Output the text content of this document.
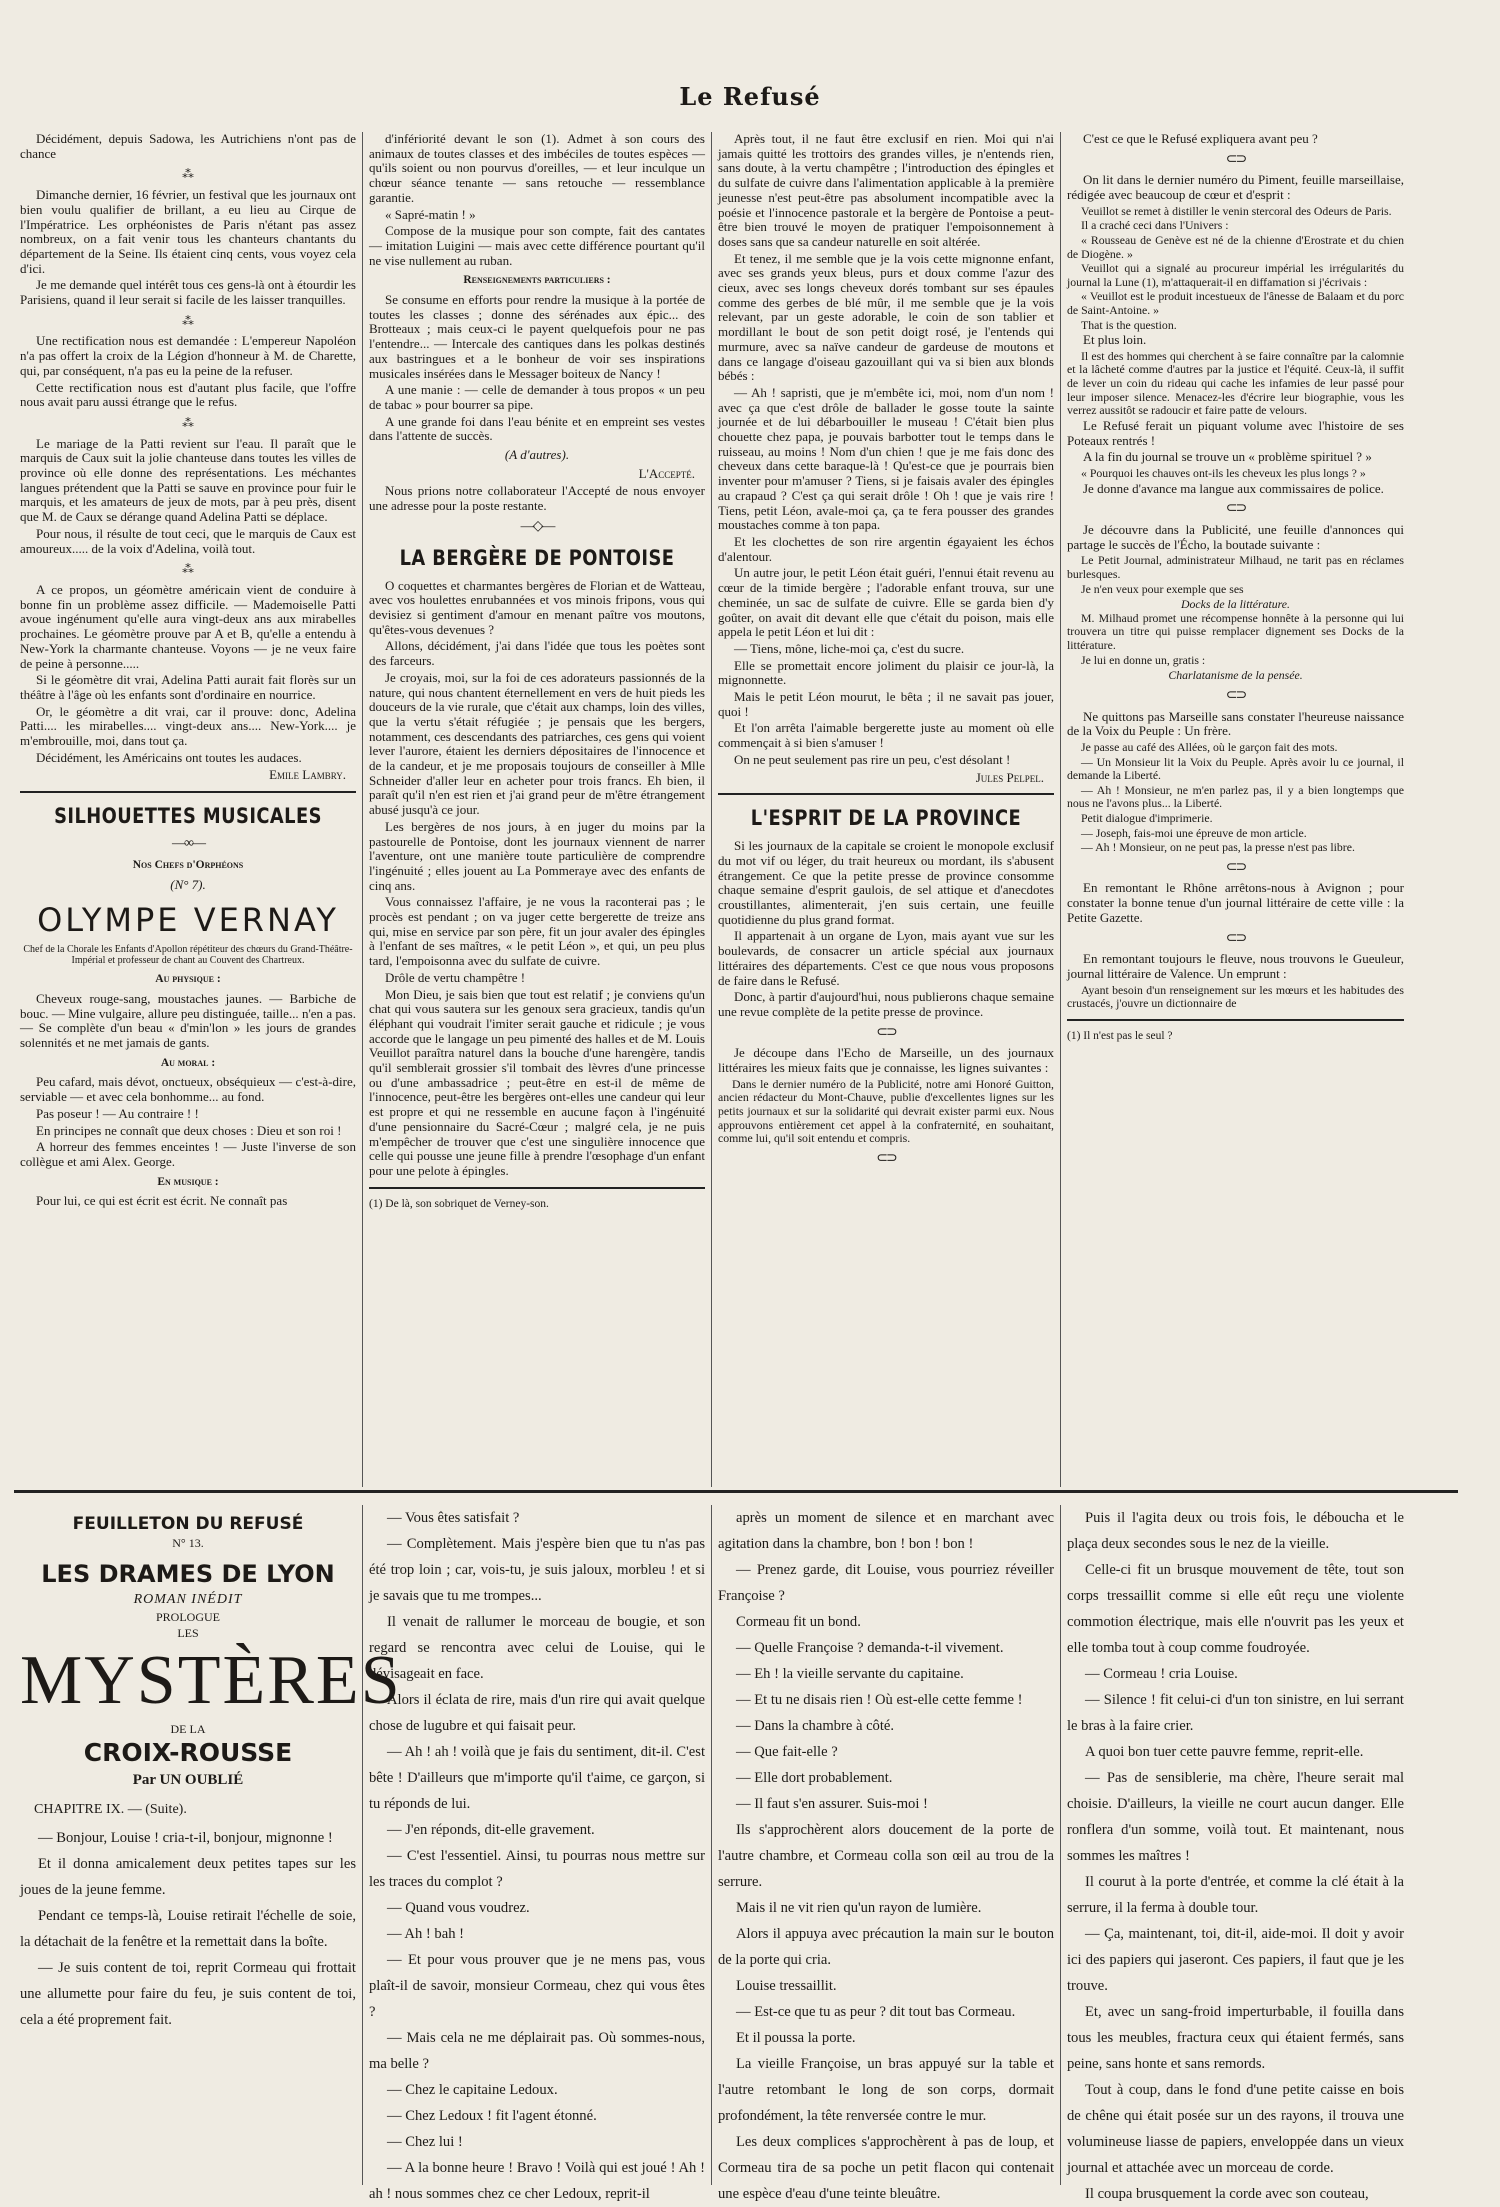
Le Refusé
Décidément, depuis Sadowa, les Autrichiens n'ont pas de chance
⁂
Dimanche dernier, 16 février, un festival que les journaux ont bien voulu qualifier de brillant, a eu lieu au Cirque de l'Impératrice. Les orphéonistes de Paris n'étant pas assez nombreux, on a fait venir tous les chanteurs chantants du département de la Seine. Ils étaient cinq cents, vous voyez cela d'ici.
Je me demande quel intérêt tous ces gens-là ont à étourdir les Parisiens, quand il leur serait si facile de les laisser tranquilles.
⁂
Une rectification nous est demandée : L'empereur Napoléon n'a pas offert la croix de la Légion d'honneur à M. de Charette, qui, par conséquent, n'a pas eu la peine de la refuser.
Cette rectification nous est d'autant plus facile, que l'offre nous avait paru aussi étrange que le refus.
⁂
Le mariage de la Patti revient sur l'eau. Il paraît que le marquis de Caux suit la jolie chanteuse dans toutes les villes de province où elle donne des représentations. Les méchantes langues prétendent que la Patti se sauve en province pour fuir le marquis, et les amateurs de jeux de mots, par à peu près, disent que M. de Caux se dérange quand Adelina Patti se déplace.
Pour nous, il résulte de tout ceci, que le marquis de Caux est amoureux..... de la voix d'Adelina, voilà tout.
⁂
A ce propos, un géomètre américain vient de conduire à bonne fin un problème assez difficile. — Mademoiselle Patti avoue ingénument qu'elle aura vingt-deux ans aux mirabelles prochaines. Le géomètre prouve par A et B, qu'elle a entendu à New-York la charmante chanteuse. Voyons — je ne veux faire de peine à personne.....
Si le géomètre dit vrai, Adelina Patti aurait fait florès sur un théâtre à l'âge où les enfants sont d'ordinaire en nourrice.
Or, le géomètre a dit vrai, car il prouve: donc, Adelina Patti.... les mirabelles.... vingt-deux ans.... New-York.... je m'embrouille, moi, dans tout ça.
Décidément, les Américains ont toutes les audaces.
Emile Lambry.
SILHOUETTES MUSICALES
—∞—
Nos Chefs d'Orphéons
(N° 7).
OLYMPE VERNAY
Chef de la Chorale les Enfants d'Apollon répétiteur des chœurs du Grand-Théâtre-Impérial et professeur de chant au Couvent des Chartreux.
Au physique :
Cheveux rouge-sang, moustaches jaunes. — Barbiche de bouc. — Mine vulgaire, allure peu distinguée, taille... n'en a pas. — Se complète d'un beau « d'min'lon » les jours de grandes solennités et ne met jamais de gants.
Au moral :
Peu cafard, mais dévot, onctueux, obséquieux — c'est-à-dire, serviable — et avec cela bonhomme... au fond.
Pas poseur ! — Au contraire ! !
En principes ne connaît que deux choses : Dieu et son roi !
A horreur des femmes enceintes ! — Juste l'inverse de son collègue et ami Alex. George.
En musique :
Pour lui, ce qui est écrit est écrit. Ne connaît pas
d'infériorité devant le son (1). Admet à son cours des animaux de toutes classes et des imbéciles de toutes espèces — qu'ils soient ou non pourvus d'oreilles, — et leur inculque un chœur séance tenante — sans retouche — ressemblance garantie.
« Sapré-matin ! »
Compose de la musique pour son compte, fait des cantates — imitation Luigini — mais avec cette différence pourtant qu'il ne vise nullement au ruban.
Renseignements particuliers :
Se consume en efforts pour rendre la musique à la portée de toutes les classes ; donne des sérénades aux épic... des Brotteaux ; mais ceux-ci le payent quelquefois pour ne pas l'entendre... — Intercale des cantiques dans les polkas destinés aux bastringues et a le bonheur de voir ses inspirations musicales insérées dans le Messager boiteux de Nancy !
A une manie : — celle de demander à tous propos « un peu de tabac » pour bourrer sa pipe.
A une grande foi dans l'eau bénite et en empreint ses vestes dans l'attente de succès.
(A d'autres).
L'Accepté.
Nous prions notre collaborateur l'Accepté de nous envoyer une adresse pour la poste restante.
—◇—
LA BERGÈRE DE PONTOISE
O coquettes et charmantes bergères de Florian et de Watteau, avec vos houlettes enrubannées et vos minois fripons, vous qui devisiez si gentiment d'amour en menant paître vos moutons, qu'êtes-vous devenues ?
Allons, décidément, j'ai dans l'idée que tous les poètes sont des farceurs.
Je croyais, moi, sur la foi de ces adorateurs passionnés de la nature, qui nous chantent éternellement en vers de huit pieds les douceurs de la vie rurale, que c'était aux champs, loin des villes, que la vertu s'était réfugiée ; je pensais que les bergers, notamment, ces descendants des patriarches, ces gens qui voient lever l'aurore, étaient les derniers dépositaires de l'innocence et de la candeur, et je me proposais toujours de conseiller à Mlle Schneider d'aller leur en acheter pour trois francs. Eh bien, il paraît qu'il n'en est rien et j'ai grand peur de m'être étrangement abusé jusqu'à ce jour.
Les bergères de nos jours, à en juger du moins par la pastourelle de Pontoise, dont les journaux viennent de narrer l'aventure, ont une manière toute particulière de comprendre l'ingénuité ; elles jouent au La Pommeraye avec des enfants de cinq ans.
Vous connaissez l'affaire, je ne vous la raconterai pas ; le procès est pendant ; on va juger cette bergerette de treize ans qui, mise en service par son père, fit un jour avaler des épingles à l'enfant de ses maîtres, « le petit Léon », et qui, un peu plus tard, l'empoisonna avec du sulfate de cuivre.
Drôle de vertu champêtre !
Mon Dieu, je sais bien que tout est relatif ; je conviens qu'un chat qui vous sautera sur les genoux sera gracieux, tandis qu'un éléphant qui voudrait l'imiter serait gauche et ridicule ; je vous accorde que le langage un peu pimenté des halles et de M. Louis Veuillot paraîtra naturel dans la bouche d'une harengère, tandis qu'il semblerait grossier s'il tombait des lèvres d'une princesse ou d'une ambassadrice ; peut-être en est-il de même de l'innocence, peut-être les bergères ont-elles une candeur qui leur est propre et qui ne ressemble en aucune façon à l'ingénuité d'une pensionnaire du Sacré-Cœur ; malgré cela, je ne puis m'empêcher de trouver que c'est une singulière innocence que celle qui pousse une jeune fille à prendre l'œsophage d'un enfant pour une pelote à épingles.
(1) De là, son sobriquet de Verney-son.
Après tout, il ne faut être exclusif en rien. Moi qui n'ai jamais quitté les trottoirs des grandes villes, je n'entends rien, sans doute, à la vertu champêtre ; l'introduction des épingles et du sulfate de cuivre dans l'alimentation applicable à la première jeunesse n'est peut-être pas absolument incompatible avec la poésie et l'innocence pastorale et la bergère de Pontoise a peut-être bien trouvé le moyen de pratiquer l'empoisonnement à doses sans que sa candeur naturelle en soit altérée.
Et tenez, il me semble que je la vois cette mignonne enfant, avec ses grands yeux bleus, purs et doux comme l'azur des cieux, avec ses longs cheveux dorés tombant sur ses épaules comme des gerbes de blé mûr, il me semble que je la vois relevant, par un geste adorable, le coin de son tablier et mordillant le bout de son petit doigt rosé, je l'entends qui murmure, avec sa naïve candeur de gardeuse de moutons et dans ce langage d'oiseau gazouillant qui va si bien aux blonds bébés :
— Ah ! sapristi, que je m'embête ici, moi, nom d'un nom ! avec ça que c'est drôle de ballader le gosse toute la sainte journée et de lui débarbouiller le museau ! C'était bien plus chouette chez papa, je pouvais barbotter tout le temps dans le ruisseau, au moins ! Nom d'un chien ! que je me fais donc des cheveux dans cette baraque-là ! Qu'est-ce que je pourrais bien inventer pour m'amuser ? Tiens, si je faisais avaler des épingles au crapaud ? C'est ça qui serait drôle ! Oh ! que je vais rire ! Tiens, petit Léon, avale-moi ça, ça te fera pousser des grandes moustaches comme à ton papa.
Et les clochettes de son rire argentin égayaient les échos d'alentour.
Un autre jour, le petit Léon était guéri, l'ennui était revenu au cœur de la timide bergère ; l'adorable enfant trouva, sur une cheminée, un sac de sulfate de cuivre. Elle se garda bien d'y goûter, on avait dit devant elle que c'était du poison, mais elle appela le petit Léon et lui dit :
— Tiens, mône, liche-moi ça, c'est du sucre.
Elle se promettait encore joliment du plaisir ce jour-là, la mignonnette.
Mais le petit Léon mourut, le bêta ; il ne savait pas jouer, quoi !
Et l'on arrêta l'aimable bergerette juste au moment où elle commençait à si bien s'amuser !
On ne peut seulement pas rire un peu, c'est désolant !
Jules Pelpel.
L'ESPRIT DE LA PROVINCE
Si les journaux de la capitale se croient le monopole exclusif du mot vif ou léger, du trait heureux ou mordant, ils s'abusent étrangement. Ce que la petite presse de province consomme chaque semaine d'esprit gaulois, de sel attique et d'anecdotes croustillantes, alimenterait, j'en suis certain, une feuille quotidienne du plus grand format.
Il appartenait à un organe de Lyon, mais ayant vue sur les boulevards, de consacrer un article spécial aux journaux littéraires des départements. C'est ce que nous vous proposons de faire dans le Refusé.
Donc, à partir d'aujourd'hui, nous publierons chaque semaine une revue complète de la petite presse de province.
⊂⊃
Je découpe dans l'Echo de Marseille, un des journaux littéraires les mieux faits que je connaisse, les lignes suivantes :
Dans le dernier numéro de la Publicité, notre ami Honoré Guitton, ancien rédacteur du Mont-Chauve, publie d'excellentes lignes sur les petits journaux et sur la solidarité qui devrait exister parmi eux. Nous approuvons entièrement cet appel à la confraternité, en souhaitant, comme lui, qu'il soit entendu et compris.
⊂⊃
C'est ce que le Refusé expliquera avant peu ?
⊂⊃
On lit dans le dernier numéro du Piment, feuille marseillaise, rédigée avec beaucoup de cœur et d'esprit :
Veuillot se remet à distiller le venin stercoral des Odeurs de Paris.
Il a craché ceci dans l'Univers :
« Rousseau de Genève est né de la chienne d'Erostrate et du chien de Diogène. »
Veuillot qui a signalé au procureur impérial les irrégularités du journal la Lune (1), m'attaquerait-il en diffamation si j'écrivais :
« Veuillot est le produit incestueux de l'ânesse de Balaam et du porc de Saint-Antoine. »
That is the question.
Et plus loin.
Il est des hommes qui cherchent à se faire connaître par la calomnie et la lâcheté comme d'autres par la justice et l'équité. Ceux-là, il suffit de lever un coin du rideau qui cache les infamies de leur passé pour leur imposer silence. Menacez-les d'écrire leur biographie, vous les verrez aussitôt se radoucir et faire patte de velours.
Le Refusé ferait un piquant volume avec l'histoire de ses Poteaux rentrés !
A la fin du journal se trouve un « problème spirituel ? »
« Pourquoi les chauves ont-ils les cheveux les plus longs ? »
Je donne d'avance ma langue aux commissaires de police.
⊂⊃
Je découvre dans la Publicité, une feuille d'annonces qui partage le succès de l'Écho, la boutade suivante :
Le Petit Journal, administrateur Milhaud, ne tarit pas en réclames burlesques.
Je n'en veux pour exemple que ses
Docks de la littérature.
M. Milhaud promet une récompense honnête à la personne qui lui trouvera un titre qui puisse remplacer dignement ses Docks de la littérature.
Je lui en donne un, gratis :
Charlatanisme de la pensée.
⊂⊃
Ne quittons pas Marseille sans constater l'heureuse naissance de la Voix du Peuple : Un frère.
Je passe au café des Allées, où le garçon fait des mots.
— Un Monsieur lit la Voix du Peuple. Après avoir lu ce journal, il demande la Liberté.
— Ah ! Monsieur, ne m'en parlez pas, il y a bien longtemps que nous ne l'avons plus... la Liberté.
Petit dialogue d'imprimerie.
— Joseph, fais-moi une épreuve de mon article.
— Ah ! Monsieur, on ne peut pas, la presse n'est pas libre.
⊂⊃
En remontant le Rhône arrêtons-nous à Avignon ; pour constater la bonne tenue d'un journal littéraire de cette ville : la Petite Gazette.
⊂⊃
En remontant toujours le fleuve, nous trouvons le Gueuleur, journal littéraire de Valence. Un emprunt :
Ayant besoin d'un renseignement sur les mœurs et les habitudes des crustacés, j'ouvre un dictionnaire de
(1) Il n'est pas le seul ?
FEUILLETON DU REFUSÉ
N° 13.
LES DRAMES DE LYON
ROMAN INÉDIT
PROLOGUE
LES
MYSTÈRES
DE LA
CROIX-ROUSSE
Par UN OUBLIÉ
CHAPITRE IX. — (Suite).
— Bonjour, Louise ! cria-t-il, bonjour, mignonne !
Et il donna amicalement deux petites tapes sur les joues de la jeune femme.
Pendant ce temps-là, Louise retirait l'échelle de soie, la détachait de la fenêtre et la remettait dans la boîte.
— Je suis content de toi, reprit Cormeau qui frottait une allumette pour faire du feu, je suis content de toi, cela a été proprement fait.
— Vous êtes satisfait ?
— Complètement. Mais j'espère bien que tu n'as pas été trop loin ; car, vois-tu, je suis jaloux, morbleu ! et si je savais que tu me trompes...
Il venait de rallumer le morceau de bougie, et son regard se rencontra avec celui de Louise, qui le dévisageait en face.
Alors il éclata de rire, mais d'un rire qui avait quelque chose de lugubre et qui faisait peur.
— Ah ! ah ! voilà que je fais du sentiment, dit-il. C'est bête ! D'ailleurs que m'importe qu'il t'aime, ce garçon, si tu réponds de lui.
— J'en réponds, dit-elle gravement.
— C'est l'essentiel. Ainsi, tu pourras nous mettre sur les traces du complot ?
— Quand vous voudrez.
— Ah ! bah !
— Et pour vous prouver que je ne mens pas, vous plaît-il de savoir, monsieur Cormeau, chez qui vous êtes ?
— Mais cela ne me déplairait pas. Où sommes-nous, ma belle ?
— Chez le capitaine Ledoux.
— Chez Ledoux ! fit l'agent étonné.
— Chez lui !
— A la bonne heure ! Bravo ! Voilà qui est joué ! Ah ! ah ! nous sommes chez ce cher Ledoux, reprit-il
après un moment de silence et en marchant avec agitation dans la chambre, bon ! bon ! bon !
— Prenez garde, dit Louise, vous pourriez réveiller Françoise ?
Cormeau fit un bond.
— Quelle Françoise ? demanda-t-il vivement.
— Eh ! la vieille servante du capitaine.
— Et tu ne disais rien ! Où est-elle cette femme !
— Dans la chambre à côté.
— Que fait-elle ?
— Elle dort probablement.
— Il faut s'en assurer. Suis-moi !
Ils s'approchèrent alors doucement de la porte de l'autre chambre, et Cormeau colla son œil au trou de la serrure.
Mais il ne vit rien qu'un rayon de lumière.
Alors il appuya avec précaution la main sur le bouton de la porte qui cria.
Louise tressaillit.
— Est-ce que tu as peur ? dit tout bas Cormeau.
Et il poussa la porte.
La vieille Françoise, un bras appuyé sur la table et l'autre retombant le long de son corps, dormait profondément, la tête renversée contre le mur.
Les deux complices s'approchèrent à pas de loup, et Cormeau tira de sa poche un petit flacon qui contenait une espèce d'eau d'une teinte bleuâtre.
Puis il l'agita deux ou trois fois, le déboucha et le plaça deux secondes sous le nez de la vieille.
Celle-ci fit un brusque mouvement de tête, tout son corps tressaillit comme si elle eût reçu une violente commotion électrique, mais elle n'ouvrit pas les yeux et elle tomba tout à coup comme foudroyée.
— Cormeau ! cria Louise.
— Silence ! fit celui-ci d'un ton sinistre, en lui serrant le bras à la faire crier.
A quoi bon tuer cette pauvre femme, reprit-elle.
— Pas de sensiblerie, ma chère, l'heure serait mal choisie. D'ailleurs, la vieille ne court aucun danger. Elle ronflera d'un somme, voilà tout. Et maintenant, nous sommes les maîtres !
Il courut à la porte d'entrée, et comme la clé était à la serrure, il la ferma à double tour.
— Ça, maintenant, toi, dit-il, aide-moi. Il doit y avoir ici des papiers qui jaseront. Ces papiers, il faut que je les trouve.
Et, avec un sang-froid imperturbable, il fouilla dans tous les meubles, fractura ceux qui étaient fermés, sans peine, sans honte et sans remords.
Tout à coup, dans le fond d'une petite caisse en bois de chêne qui était posée sur un des rayons, il trouva une volumineuse liasse de papiers, enveloppée dans un vieux journal et attachée avec un morceau de corde.
Il coupa brusquement la corde avec son couteau,
